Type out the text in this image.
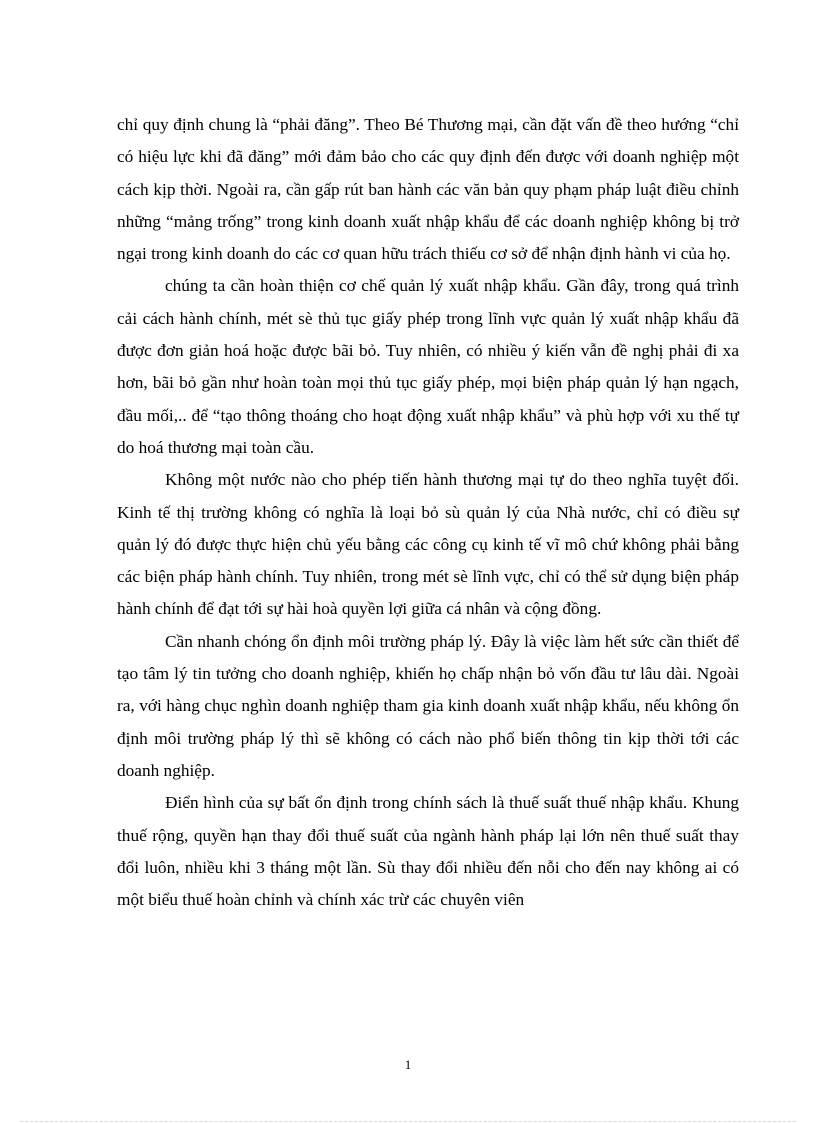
chỉ quy định chung là “phải đăng”. Theo Bé Thương mại, cần đặt vấn đề theo hướng “chỉ có hiệu lực khi đã đăng” mới đảm bảo cho các quy định đến được với doanh nghiệp một cách kịp thời. Ngoài ra, cần gấp rút ban hành các văn bản quy phạm pháp luật điều chỉnh những “mảng trống” trong kinh doanh xuất nhập khẩu để các doanh nghiệp không bị trở ngại trong kinh doanh do các cơ quan hữu trách thiếu cơ sở để nhận định hành vi của họ.

chúng ta cần hoàn thiện cơ chế quản lý xuất nhập khẩu. Gần đây, trong quá trình cải cách hành chính, mét sè thủ tục giấy phép trong lĩnh vực quản lý xuất nhập khẩu đã được đơn giản hoá hoặc được bãi bỏ. Tuy nhiên, có nhiều ý kiến vẫn đề nghị phải đi xa hơn, bãi bỏ gần như hoàn toàn mọi thủ tục giấy phép, mọi biện pháp quản lý hạn ngạch, đầu mối,.. để “tạo thông thoáng cho hoạt động xuất nhập khẩu” và phù hợp với xu thế tự do hoá thương mại toàn cầu.

Không một nước nào cho phép tiến hành thương mại tự do theo nghĩa tuyệt đối. Kinh tế thị trường không có nghĩa là loại bỏ sù quản lý của Nhà nước, chỉ có điều sự quản lý đó được thực hiện chủ yếu bằng các công cụ kinh tế vĩ mô chứ không phải bằng các biện pháp hành chính. Tuy nhiên, trong mét sè lĩnh vực, chỉ có thể sử dụng biện pháp hành chính để đạt tới sự hài hoà quyền lợi giữa cá nhân và cộng đồng.

Cần nhanh chóng ổn định môi trường pháp lý. Đây là việc làm hết sức cần thiết để tạo tâm lý tin tưởng cho doanh nghiệp, khiến họ chấp nhận bỏ vốn đầu tư lâu dài. Ngoài ra, với hàng chục nghìn doanh nghiệp tham gia kinh doanh xuất nhập khẩu, nếu không ổn định môi trường pháp lý thì sẽ không có cách nào phổ biến thông tin kịp thời tới các doanh nghiệp.

Điển hình của sự bất ổn định trong chính sách là thuế suất thuế nhập khẩu. Khung thuế rộng, quyền hạn thay đổi thuế suất của ngành hành pháp lại lớn nên thuế suất thay đổi luôn, nhiều khi 3 tháng một lần. Sù thay đổi nhiều đến nỗi cho đến nay không ai có một biểu thuế hoàn chỉnh và chính xác trừ các chuyên viên

1
